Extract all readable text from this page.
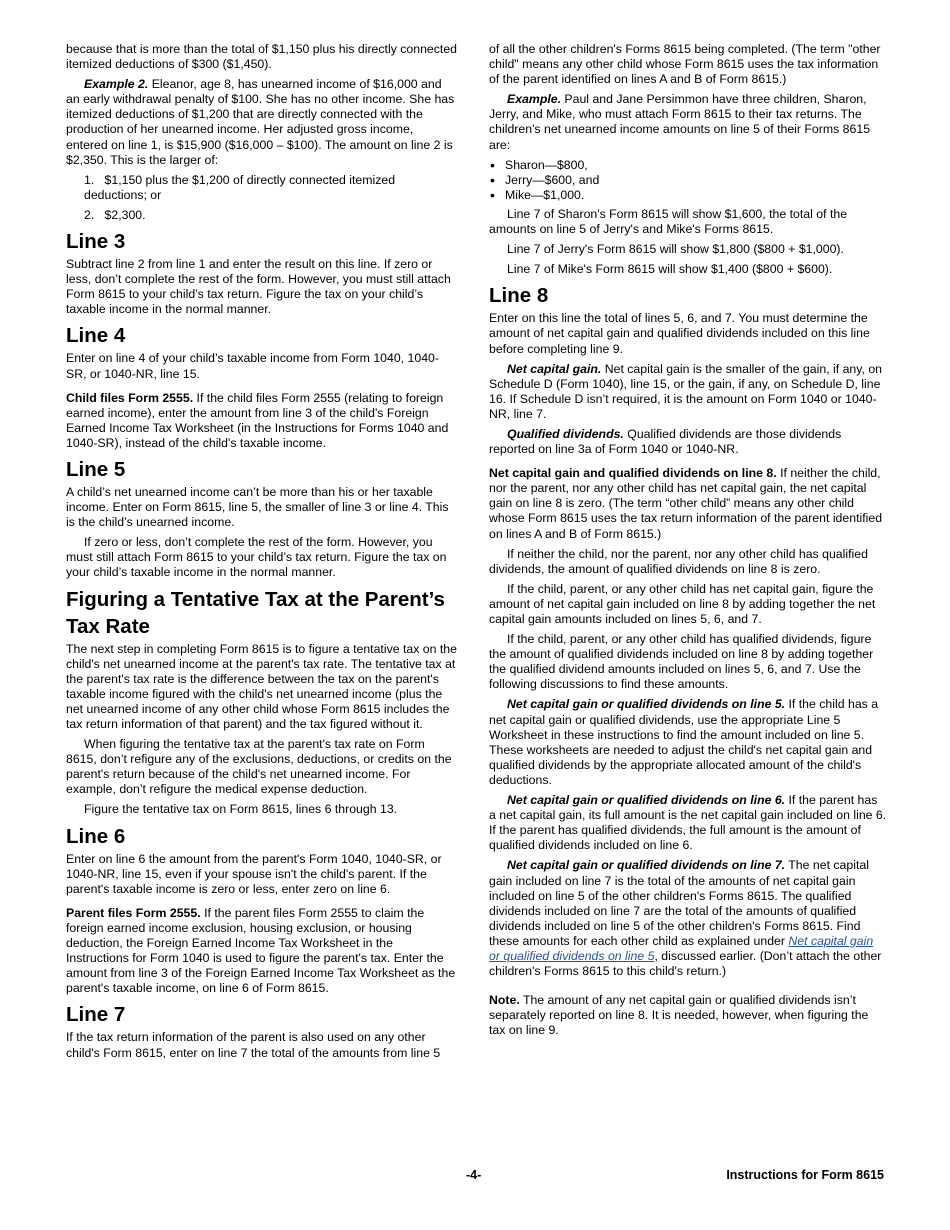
because that is more than the total of $1,150 plus his directly connected itemized deductions of $300 ($1,450).

Example 2. Eleanor, age 8, has unearned income of $16,000 and an early withdrawal penalty of $100. She has no other income. She has itemized deductions of $1,200 that are directly connected with the production of her unearned income. Her adjusted gross income, entered on line 1, is $15,900 ($16,000 – $100). The amount on line 2 is $2,350. This is the larger of:

1. $1,150 plus the $1,200 of directly connected itemized deductions; or

2. $2,300.

Line 3

Subtract line 2 from line 1 and enter the result on this line. If zero or less, don’t complete the rest of the form. However, you must still attach Form 8615 to your child’s tax return. Figure the tax on your child’s taxable income in the normal manner.

Line 4

Enter on line 4 of your child’s taxable income from Form 1040, 1040-SR, or 1040-NR, line 15.

Child files Form 2555. If the child files Form 2555 (relating to foreign earned income), enter the amount from line 3 of the child's Foreign Earned Income Tax Worksheet (in the Instructions for Forms 1040 and 1040-SR), instead of the child's taxable income.

Line 5

A child’s net unearned income can’t be more than his or her taxable income. Enter on Form 8615, line 5, the smaller of line 3 or line 4. This is the child’s unearned income.

If zero or less, don’t complete the rest of the form. However, you must still attach Form 8615 to your child’s tax return. Figure the tax on your child’s taxable income in the normal manner.

Figuring a Tentative Tax at the Parent’s Tax Rate

The next step in completing Form 8615 is to figure a tentative tax on the child's net unearned income at the parent's tax rate. The tentative tax at the parent's tax rate is the difference between the tax on the parent's taxable income figured with the child's net unearned income (plus the net unearned income of any other child whose Form 8615 includes the tax return information of that parent) and the tax figured without it.

When figuring the tentative tax at the parent's tax rate on Form 8615, don’t refigure any of the exclusions, deductions, or credits on the parent's return because of the child's net unearned income. For example, don’t refigure the medical expense deduction.

Figure the tentative tax on Form 8615, lines 6 through 13.

Line 6

Enter on line 6 the amount from the parent's Form 1040, 1040-SR, or 1040-NR, line 15, even if your spouse isn't the child's parent. If the parent's taxable income is zero or less, enter zero on line 6.

Parent files Form 2555. If the parent files Form 2555 to claim the foreign earned income exclusion, housing exclusion, or housing deduction, the Foreign Earned Income Tax Worksheet in the Instructions for Form 1040 is used to figure the parent's tax. Enter the amount from line 3 of the Foreign Earned Income Tax Worksheet as the parent's taxable income, on line 6 of Form 8615.

Line 7

If the tax return information of the parent is also used on any other child's Form 8615, enter on line 7 the total of the amounts from line 5

of all the other children's Forms 8615 being completed. (The term "other child" means any other child whose Form 8615 uses the tax information of the parent identified on lines A and B of Form 8615.)

Example. Paul and Jane Persimmon have three children, Sharon, Jerry, and Mike, who must attach Form 8615 to their tax returns. The children's net unearned income amounts on line 5 of their Forms 8615 are:

• Sharon—$800,
• Jerry—$600, and
• Mike—$1,000.

Line 7 of Sharon's Form 8615 will show $1,600, the total of the amounts on line 5 of Jerry's and Mike's Forms 8615.

Line 7 of Jerry's Form 8615 will show $1,800 ($800 + $1,000).

Line 7 of Mike's Form 8615 will show $1,400 ($800 + $600).

Line 8

Enter on this line the total of lines 5, 6, and 7. You must determine the amount of net capital gain and qualified dividends included on this line before completing line 9.

Net capital gain. Net capital gain is the smaller of the gain, if any, on Schedule D (Form 1040), line 15, or the gain, if any, on Schedule D, line 16. If Schedule D isn’t required, it is the amount on Form 1040 or 1040-NR, line 7.

Qualified dividends. Qualified dividends are those dividends reported on line 3a of Form 1040 or 1040-NR.

Net capital gain and qualified dividends on line 8. If neither the child, nor the parent, nor any other child has net capital gain, the net capital gain on line 8 is zero. (The term “other child” means any other child whose Form 8615 uses the tax return information of the parent identified on lines A and B of Form 8615.)

If neither the child, nor the parent, nor any other child has qualified dividends, the amount of qualified dividends on line 8 is zero.

If the child, parent, or any other child has net capital gain, figure the amount of net capital gain included on line 8 by adding together the net capital gain amounts included on lines 5, 6, and 7.

If the child, parent, or any other child has qualified dividends, figure the amount of qualified dividends included on line 8 by adding together the qualified dividend amounts included on lines 5, 6, and 7. Use the following discussions to find these amounts.

Net capital gain or qualified dividends on line 5. If the child has a net capital gain or qualified dividends, use the appropriate Line 5 Worksheet in these instructions to find the amount included on line 5. These worksheets are needed to adjust the child's net capital gain and qualified dividends by the appropriate allocated amount of the child's deductions.

Net capital gain or qualified dividends on line 6. If the parent has a net capital gain, its full amount is the net capital gain included on line 6. If the parent has qualified dividends, the full amount is the amount of qualified dividends included on line 6.

Net capital gain or qualified dividends on line 7. The net capital gain included on line 7 is the total of the amounts of net capital gain included on line 5 of the other children's Forms 8615. The qualified dividends included on line 7 are the total of the amounts of qualified dividends included on line 5 of the other children's Forms 8615. Find these amounts for each other child as explained under Net capital gain or qualified dividends on line 5, discussed earlier. (Don’t attach the other children's Forms 8615 to this child's return.)

Note. The amount of any net capital gain or qualified dividends isn’t separately reported on line 8. It is needed, however, when figuring the tax on line 9.

-4-	Instructions for Form 8615
